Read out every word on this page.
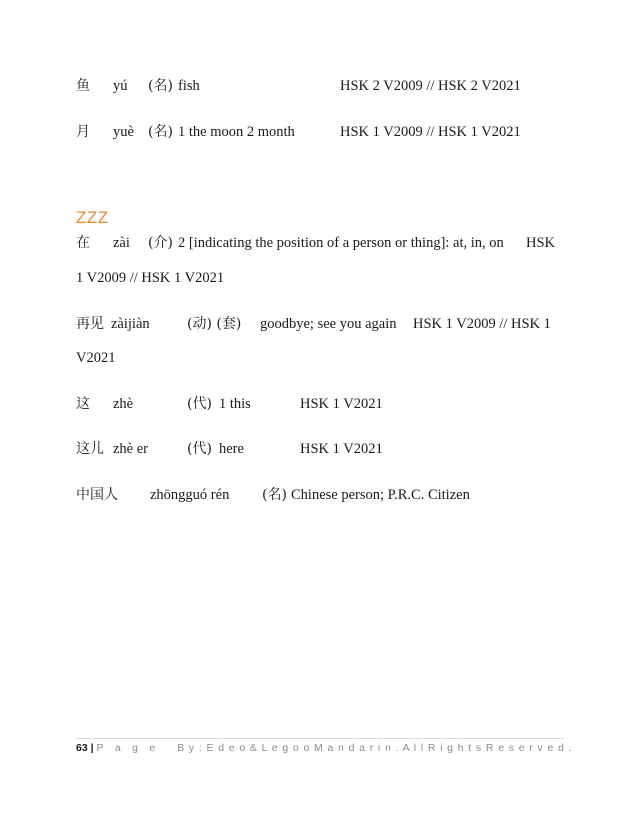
鱼 yú (名) fish	HSK 2 V2009 // HSK 2 V2021
月 yuè (名) 1 the moon 2 month	HSK 1 V2009 // HSK 1 V2021
ZZZ
在 zài (介) 2 [indicating the position of a person or thing]: at, in, on HSK
1 V2009 // HSK 1 V2021
再见 zàijiàn	(动) (套) goodbye; see you again HSK 1 V2009 // HSK 1
V2021
这 zhè	(代) 1 this	HSK 1 V2021
这儿 zhè er	(代) here	HSK 1 V2021
中国人 zhōngguó rén (名) Chinese person; P.R.C. Citizen
63 | P a g e B y : E d e o & L e g o o M a n d a r i n . A l l R i g h t s R e s e r v e d .
